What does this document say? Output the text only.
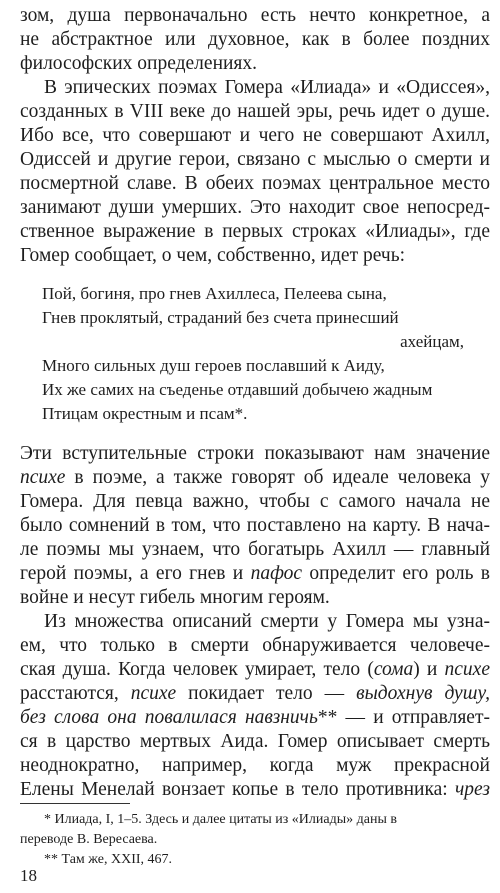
зом, душа первоначально есть нечто конкретное, а
не абстрактное или духовное, как в более поздних
философских определениях.
В эпических поэмах Гомера «Илиада» и «Одиссея»,
созданных в VIII веке до нашей эры, речь идет о душе.
Ибо все, что совершают и чего не совершают Ахилл,
Одиссей и другие герои, связано с мыслью о смерти и
посмертной славе. В обеих поэмах центральное место
занимают души умерших. Это находит свое непосред-
ственное выражение в первых строках «Илиады», где
Гомер сообщает, о чем, собственно, идет речь:
Пой, богиня, про гнев Ахиллеса, Пелеева сына,
Гнев проклятый, страданий без счета принесший
ахейцам,
Много сильных душ героев пославший к Аиду,
Их же самих на съеденье отдавший добычею жадным
Птицам окрестным и псам*.
Эти вступительные строки показывают нам значение
псuхе в поэме, а также говорят об идеале человека у
Гомера. Для певца важно, чтобы с самого начала не
было сомнений в том, что поставлено на карту. В нача-
ле поэмы мы узнаем, что богатырь Ахилл — главный
герой поэмы, а его гнев и пафос определит его роль в
войне и несут гибель многим героям.
Из множества описаний смерти у Гомера мы узна-
ем, что только в смерти обнаруживается человече-
ская душа. Когда человек умирает, тело (сома) и психе
расстаются, психе покидает тело — выдохнув душу,
без слова она повалилася навзничь** — и отправляет-
ся в царство мертвых Аида. Гомер описывает смерть
неоднократно, например, когда муж прекрасной
Елены Менелай вонзает копье в тело противника: чрез
* Илиада, I, 1–5. Здесь и далее цитаты из «Илиады» даны в
переводе В. Вересаева.
** Там же, XXII, 467.
18
